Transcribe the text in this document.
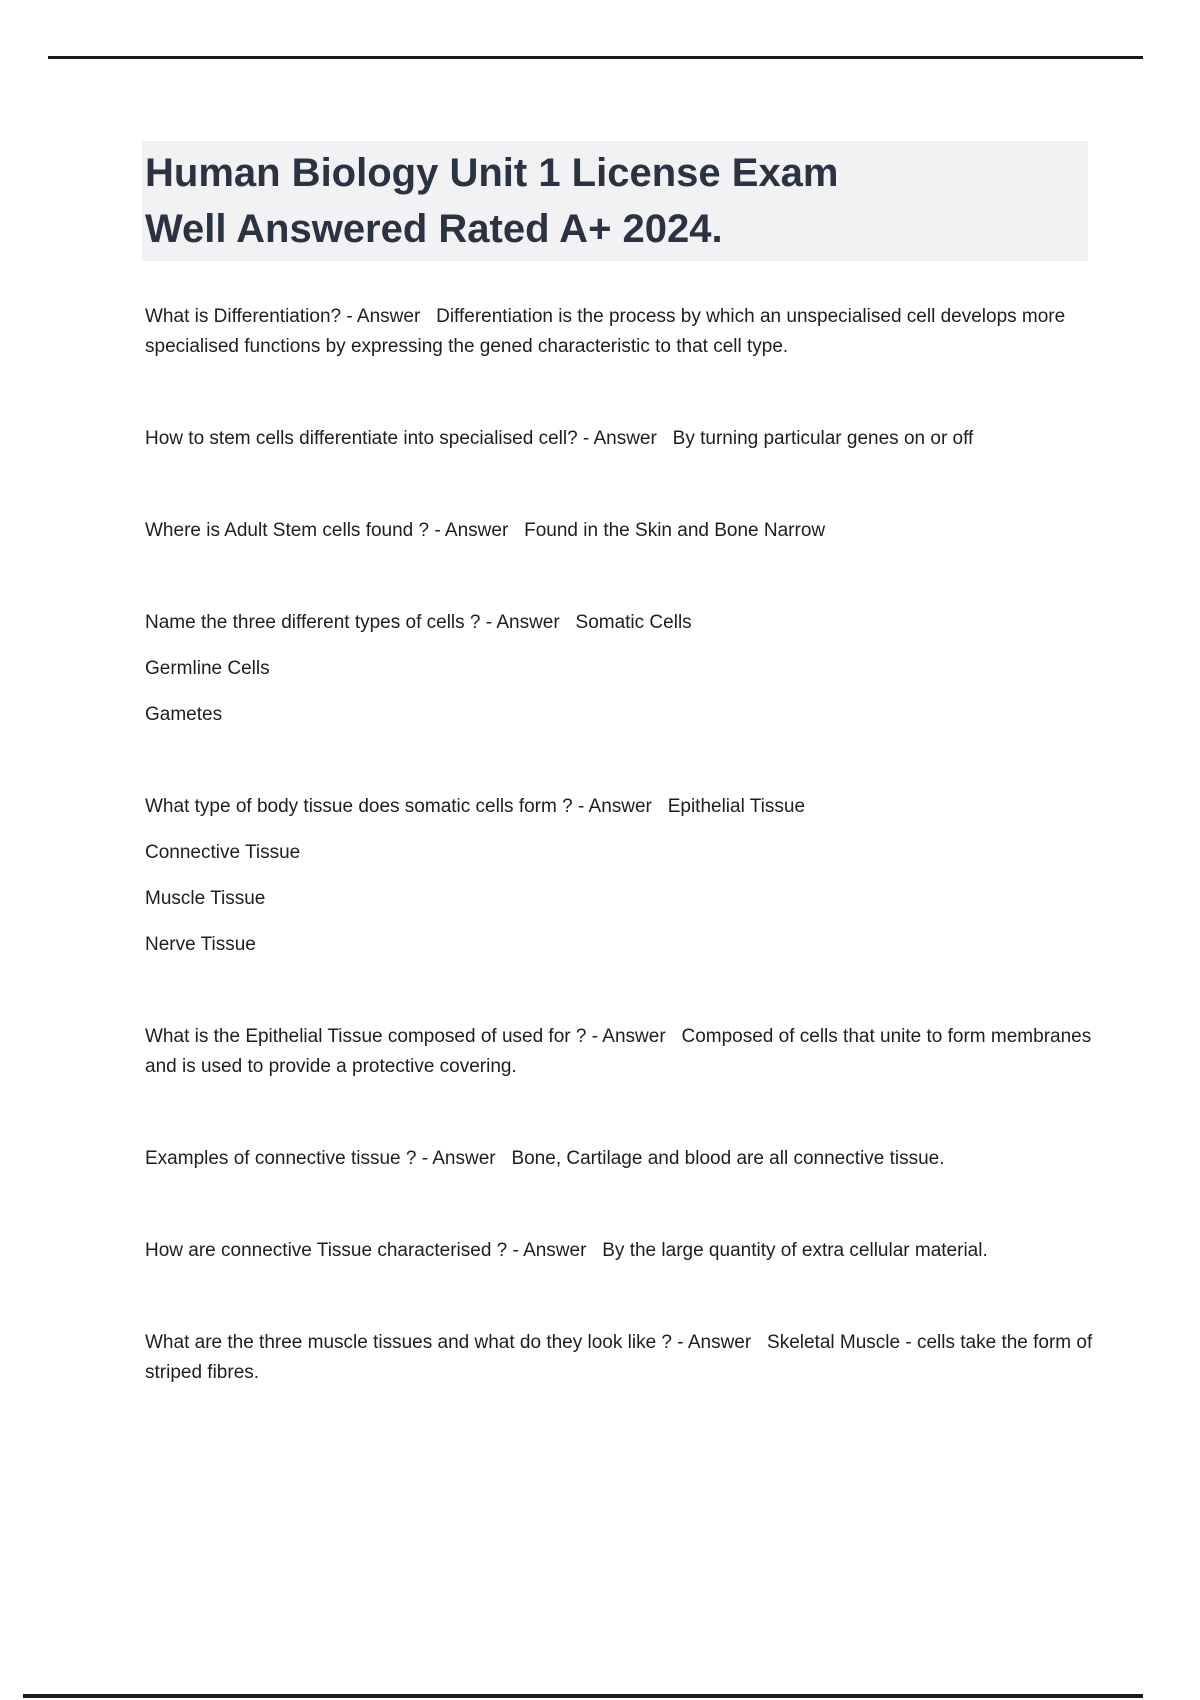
Human Biology Unit 1 License Exam
Well Answered Rated A+ 2024.

What is Differentiation? - Answer   Differentiation is the process by which an unspecialised cell develops more specialised functions by expressing the gened characteristic to that cell type.

How to stem cells differentiate into specialised cell? - Answer   By turning particular genes on or off

Where is Adult Stem cells found ? - Answer   Found in the Skin and Bone Narrow

Name the three different types of cells ? - Answer   Somatic Cells

Germline Cells

Gametes

What type of body tissue does somatic cells form ? - Answer   Epithelial Tissue

Connective Tissue

Muscle Tissue

Nerve Tissue

What is the Epithelial Tissue composed of used for ? - Answer   Composed of cells that unite to form membranes and is used to provide a protective covering.

Examples of connective tissue ? - Answer   Bone, Cartilage and blood are all connective tissue.

How are connective Tissue characterised ? - Answer   By the large quantity of extra cellular material.

What are the three muscle tissues and what do they look like ? - Answer   Skeletal Muscle - cells take the form of striped fibres.
